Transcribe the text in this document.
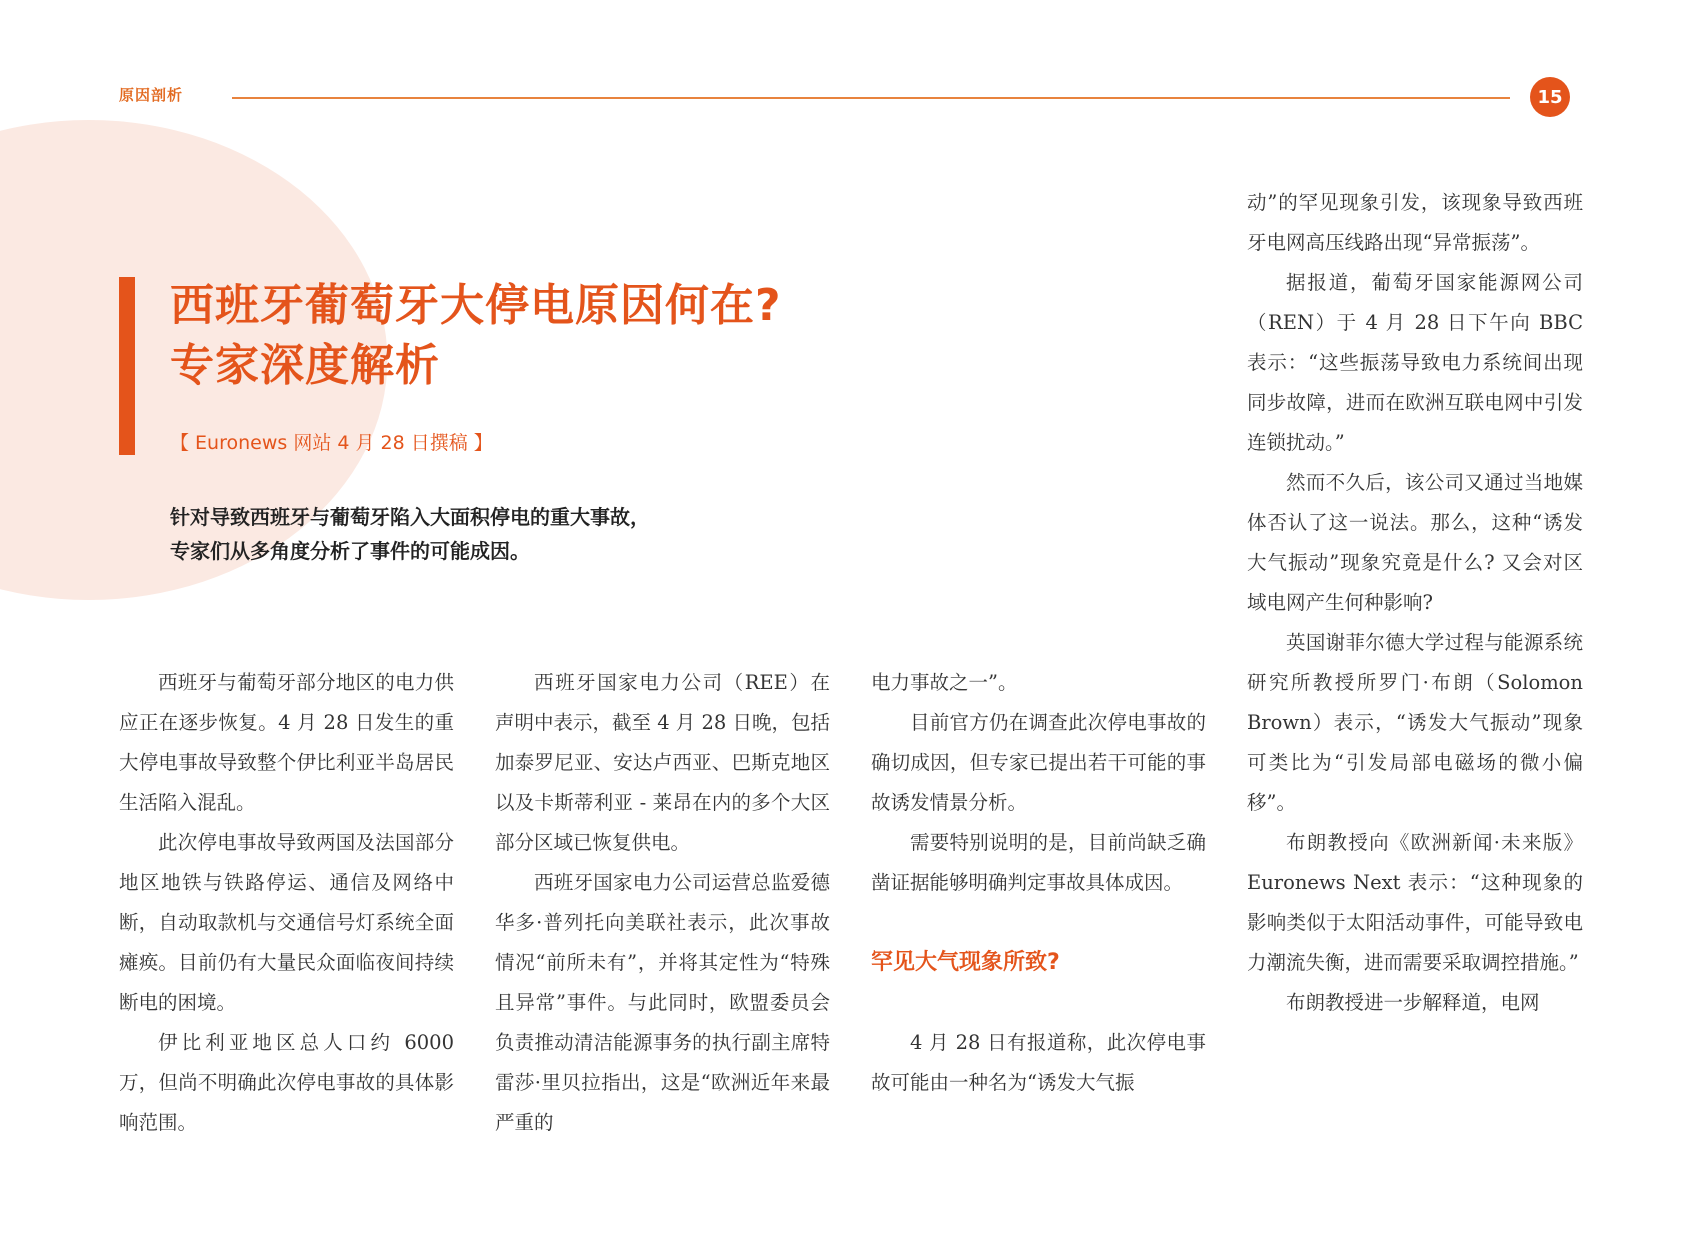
原因剖析	15
西班牙葡萄牙大停电原因何在?
专家深度解析
【 Euronews 网站 4 月 28 日撰稿 】
针对导致西班牙与葡萄牙陷入大面积停电的重大事故，
专家们从多角度分析了事件的可能成因。

西班牙与葡萄牙部分地区的电力供应正在逐步恢复。4 月 28 日发生的重大停电事故导致整个伊比利亚半岛居民生活陷入混乱。

此次停电事故导致两国及法国部分地区地铁与铁路停运、通信及网络中断，自动取款机与交通信号灯系统全面瘫痪。目前仍有大量民众面临夜间持续断电的困境。

伊比利亚地区总人口约 6000 万，但尚不明确此次停电事故的具体影响范围。

西班牙国家电力公司（REE）在声明中表示，截至 4 月 28 日晚，包括加泰罗尼亚、安达卢西亚、巴斯克地区以及卡斯蒂利亚 - 莱昂在内的多个大区部分区域已恢复供电。

西班牙国家电力公司运营总监爱德华多·普列托向美联社表示，此次事故情况“前所未有”，并将其定性为“特殊且异常”事件。与此同时，欧盟委员会负责推动清洁能源事务的执行副主席特雷莎·里贝拉指出，这是“欧洲近年来最严重的

电力事故之一”。

目前官方仍在调查此次停电事故的确切成因，但专家已提出若干可能的事故诱发情景分析。

需要特别说明的是，目前尚缺乏确凿证据能够明确判定事故具体成因。

罕见大气现象所致?

4 月 28 日有报道称，此次停电事故可能由一种名为“诱发大气振

动”的罕见现象引发，该现象导致西班牙电网高压线路出现“异常振荡”。

据报道，葡萄牙国家能源网公司（REN）于 4 月 28 日下午向 BBC 表示：“这些振荡导致电力系统间出现同步故障，进而在欧洲互联电网中引发连锁扰动。”

然而不久后，该公司又通过当地媒体否认了这一说法。那么，这种“诱发大气振动”现象究竟是什么? 又会对区域电网产生何种影响?

英国谢菲尔德大学过程与能源系统研究所教授所罗门·布朗（Solomon Brown）表示，“诱发大气振动”现象可类比为“引发局部电磁场的微小偏移”。

布朗教授向《欧洲新闻·未来版》Euronews Next 表示：“这种现象的影响类似于太阳活动事件，可能导致电力潮流失衡，进而需要采取调控措施。”

布朗教授进一步解释道，电网
